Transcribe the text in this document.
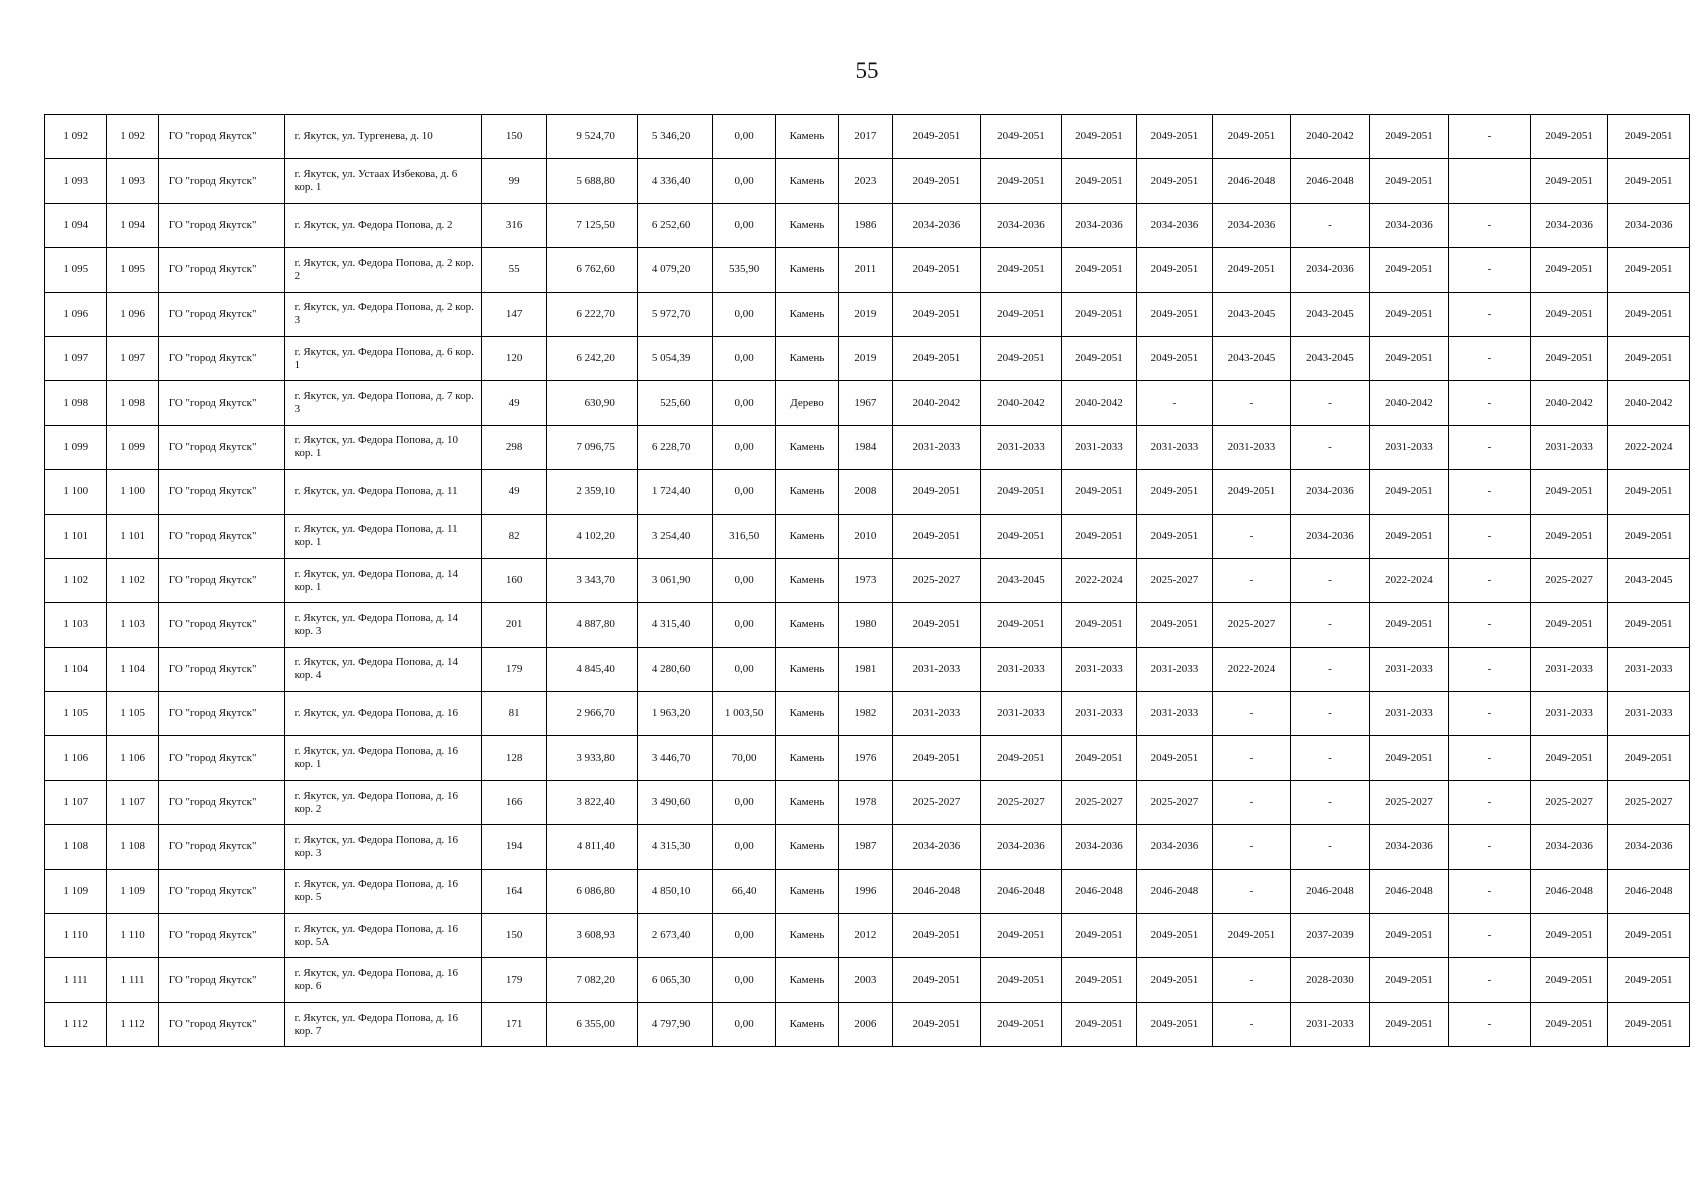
55
1 092	1 092	ГО "город Якутск"	г. Якутск, ул. Тургенева, д. 10	150	9 524,70	5 346,20	0,00	Камень	2017	2049-2051	2049-2051	2049-2051	2049-2051	2049-2051	2040-2042	2049-2051	-	2049-2051	2049-2051
1 093	1 093	ГО "город Якутск"	г. Якутск, ул. Устаах Избекова, д. 6 кор. 1	99	5 688,80	4 336,40	0,00	Камень	2023	2049-2051	2049-2051	2049-2051	2049-2051	2046-2048	2046-2048	2049-2051		2049-2051	2049-2051
1 094	1 094	ГО "город Якутск"	г. Якутск, ул. Федора Попова, д. 2	316	7 125,50	6 252,60	0,00	Камень	1986	2034-2036	2034-2036	2034-2036	2034-2036	2034-2036	-	2034-2036	-	2034-2036	2034-2036
1 095	1 095	ГО "город Якутск"	г. Якутск, ул. Федора Попова, д. 2 кор. 2	55	6 762,60	4 079,20	535,90	Камень	2011	2049-2051	2049-2051	2049-2051	2049-2051	2049-2051	2034-2036	2049-2051	-	2049-2051	2049-2051
1 096	1 096	ГО "город Якутск"	г. Якутск, ул. Федора Попова, д. 2 кор. 3	147	6 222,70	5 972,70	0,00	Камень	2019	2049-2051	2049-2051	2049-2051	2049-2051	2043-2045	2043-2045	2049-2051	-	2049-2051	2049-2051
1 097	1 097	ГО "город Якутск"	г. Якутск, ул. Федора Попова, д. 6 кор. 1	120	6 242,20	5 054,39	0,00	Камень	2019	2049-2051	2049-2051	2049-2051	2049-2051	2043-2045	2043-2045	2049-2051	-	2049-2051	2049-2051
1 098	1 098	ГО "город Якутск"	г. Якутск, ул. Федора Попова, д. 7 кор. 3	49	630,90	525,60	0,00	Дерево	1967	2040-2042	2040-2042	2040-2042	-	-	-	2040-2042	-	2040-2042	2040-2042
1 099	1 099	ГО "город Якутск"	г. Якутск, ул. Федора Попова, д. 10 кор. 1	298	7 096,75	6 228,70	0,00	Камень	1984	2031-2033	2031-2033	2031-2033	2031-2033	2031-2033	-	2031-2033	-	2031-2033	2022-2024
1 100	1 100	ГО "город Якутск"	г. Якутск, ул. Федора Попова, д. 11	49	2 359,10	1 724,40	0,00	Камень	2008	2049-2051	2049-2051	2049-2051	2049-2051	2049-2051	2034-2036	2049-2051	-	2049-2051	2049-2051
1 101	1 101	ГО "город Якутск"	г. Якутск, ул. Федора Попова, д. 11 кор. 1	82	4 102,20	3 254,40	316,50	Камень	2010	2049-2051	2049-2051	2049-2051	2049-2051	-	2034-2036	2049-2051	-	2049-2051	2049-2051
1 102	1 102	ГО "город Якутск"	г. Якутск, ул. Федора Попова, д. 14 кор. 1	160	3 343,70	3 061,90	0,00	Камень	1973	2025-2027	2043-2045	2022-2024	2025-2027	-	-	2022-2024	-	2025-2027	2043-2045
1 103	1 103	ГО "город Якутск"	г. Якутск, ул. Федора Попова, д. 14 кор. 3	201	4 887,80	4 315,40	0,00	Камень	1980	2049-2051	2049-2051	2049-2051	2049-2051	2025-2027	-	2049-2051	-	2049-2051	2049-2051
1 104	1 104	ГО "город Якутск"	г. Якутск, ул. Федора Попова, д. 14 кор. 4	179	4 845,40	4 280,60	0,00	Камень	1981	2031-2033	2031-2033	2031-2033	2031-2033	2022-2024	-	2031-2033	-	2031-2033	2031-2033
1 105	1 105	ГО "город Якутск"	г. Якутск, ул. Федора Попова, д. 16	81	2 966,70	1 963,20	1 003,50	Камень	1982	2031-2033	2031-2033	2031-2033	2031-2033	-	-	2031-2033	-	2031-2033	2031-2033
1 106	1 106	ГО "город Якутск"	г. Якутск, ул. Федора Попова, д. 16 кор. 1	128	3 933,80	3 446,70	70,00	Камень	1976	2049-2051	2049-2051	2049-2051	2049-2051	-	-	2049-2051	-	2049-2051	2049-2051
1 107	1 107	ГО "город Якутск"	г. Якутск, ул. Федора Попова, д. 16 кор. 2	166	3 822,40	3 490,60	0,00	Камень	1978	2025-2027	2025-2027	2025-2027	2025-2027	-	-	2025-2027	-	2025-2027	2025-2027
1 108	1 108	ГО "город Якутск"	г. Якутск, ул. Федора Попова, д. 16 кор. 3	194	4 811,40	4 315,30	0,00	Камень	1987	2034-2036	2034-2036	2034-2036	2034-2036	-	-	2034-2036	-	2034-2036	2034-2036
1 109	1 109	ГО "город Якутск"	г. Якутск, ул. Федора Попова, д. 16 кор. 5	164	6 086,80	4 850,10	66,40	Камень	1996	2046-2048	2046-2048	2046-2048	2046-2048	-	2046-2048	2046-2048	-	2046-2048	2046-2048
1 110	1 110	ГО "город Якутск"	г. Якутск, ул. Федора Попова, д. 16 кор. 5А	150	3 608,93	2 673,40	0,00	Камень	2012	2049-2051	2049-2051	2049-2051	2049-2051	2049-2051	2037-2039	2049-2051	-	2049-2051	2049-2051
1 111	1 111	ГО "город Якутск"	г. Якутск, ул. Федора Попова, д. 16 кор. 6	179	7 082,20	6 065,30	0,00	Камень	2003	2049-2051	2049-2051	2049-2051	2049-2051	-	2028-2030	2049-2051	-	2049-2051	2049-2051
1 112	1 112	ГО "город Якутск"	г. Якутск, ул. Федора Попова, д. 16 кор. 7	171	6 355,00	4 797,90	0,00	Камень	2006	2049-2051	2049-2051	2049-2051	2049-2051	-	2031-2033	2049-2051	-	2049-2051	2049-2051
